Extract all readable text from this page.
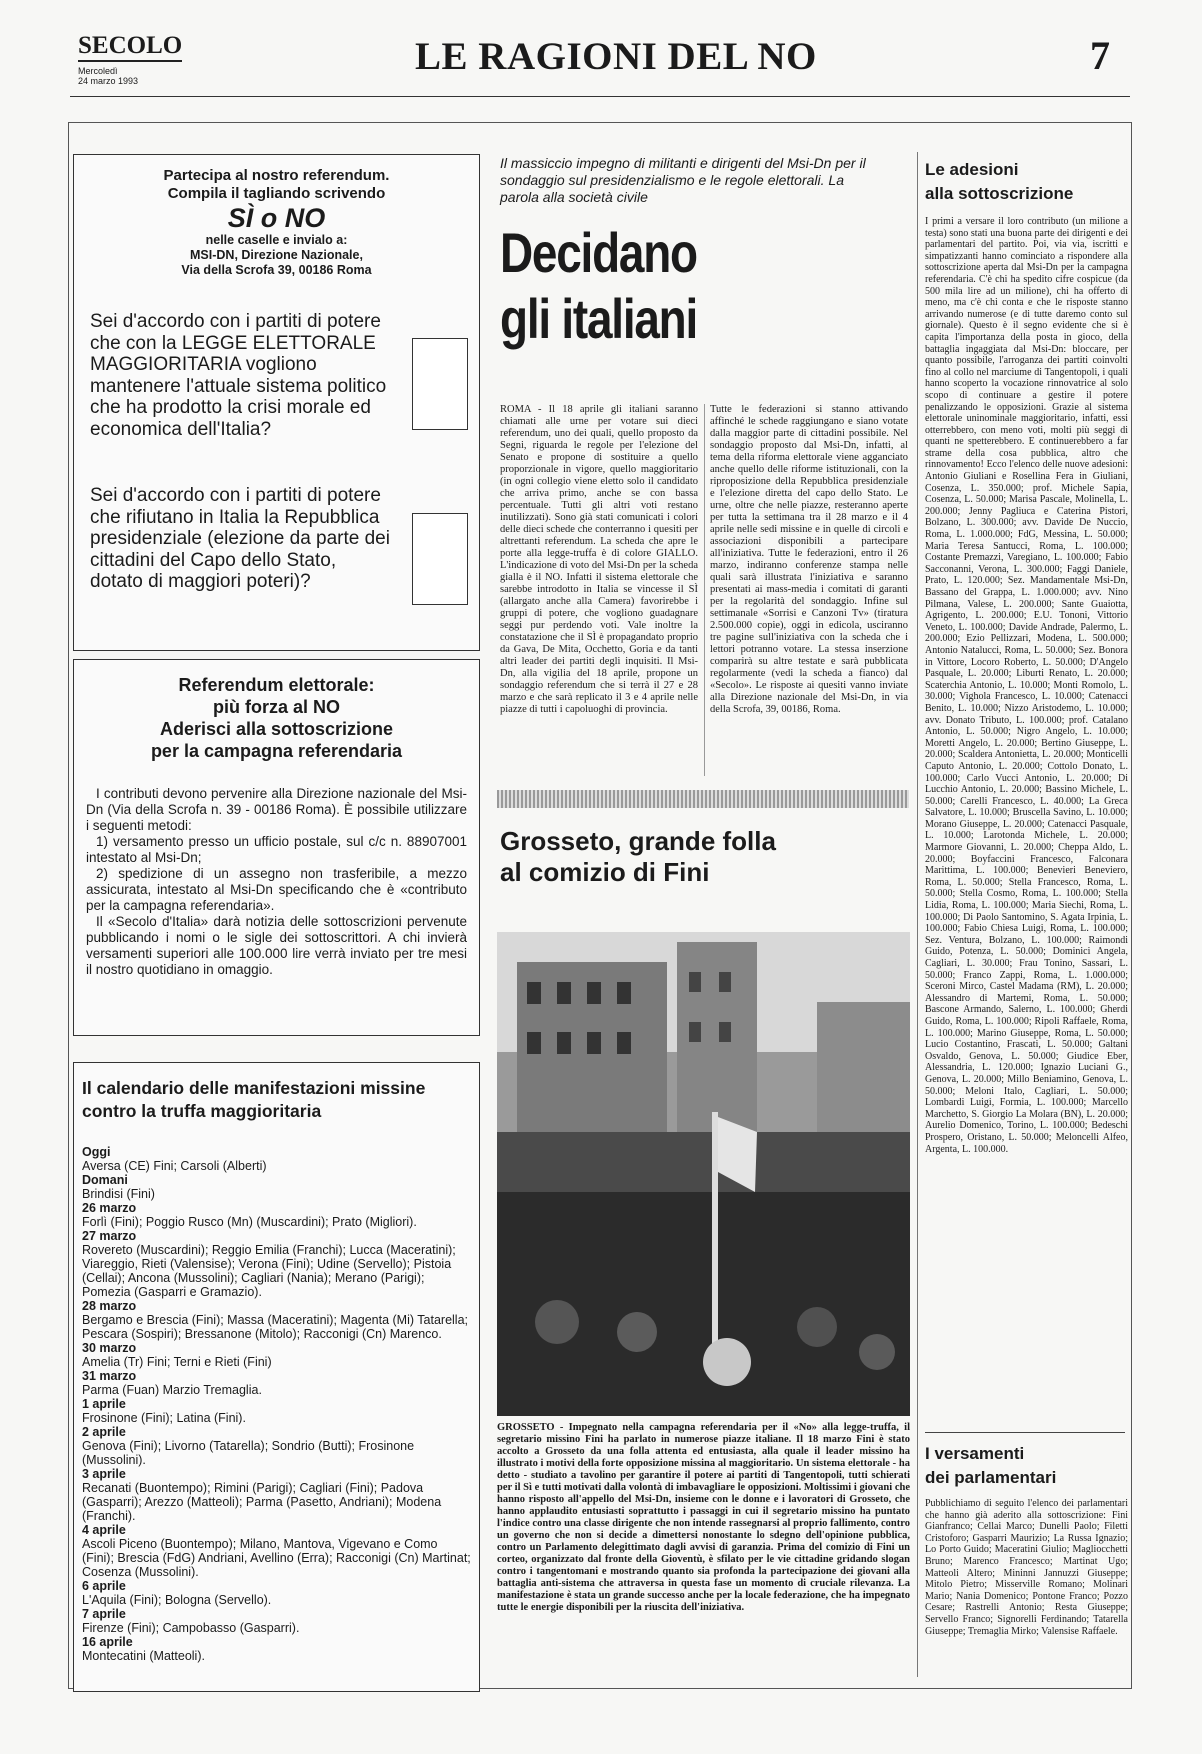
SECOLO
Mercoledì
24 marzo 1993
LE RAGIONI DEL NO	7
Partecipa al nostro referendum.
Compila il tagliando scrivendo
SÌ o NO
nelle caselle e invialo a:
MSI-DN, Direzione Nazionale,
Via della Scrofa 39, 00186 Roma
Sei d'accordo con i partiti di potere che con la LEGGE ELETTORALE MAGGIORITARIA vogliono mantenere l'attuale sistema politico che ha prodotto la crisi morale ed economica dell'Italia?
Sei d'accordo con i partiti di potere che rifiutano in Italia la Repubblica presidenziale (elezione da parte dei cittadini del Capo dello Stato, dotato di maggiori poteri)?
Referendum elettorale:
più forza al NO
Aderisci alla sottoscrizione
per la campagna referendaria

I contributi devono pervenire alla Direzione nazionale del Msi-Dn (Via della Scrofa n. 39 - 00186 Roma). È possibile utilizzare i seguenti metodi:

1) versamento presso un ufficio postale, sul c/c n. 88907001 intestato al Msi-Dn;

2) spedizione di un assegno non trasferibile, a mezzo assicurata, intestato al Msi-Dn specificando che è «contributo per la campagna referendaria».

Il «Secolo d'Italia» darà notizia delle sottoscrizioni pervenute pubblicando i nomi o le sigle dei sottoscrittori. A chi invierà versamenti superiori alle 100.000 lire verrà inviato per tre mesi il nostro quotidiano in omaggio.

Il calendario delle manifestazioni missine
contro la truffa maggioritaria
Oggi
Aversa (CE) Fini; Carsoli (Alberti)
Domani
Brindisi (Fini)
26 marzo
Forlì (Fini); Poggio Rusco (Mn) (Muscardini); Prato (Migliori).
27 marzo
Rovereto (Muscardini); Reggio Emilia (Franchi); Lucca (Maceratini); Viareggio, Rieti (Valensise); Verona (Fini); Udine (Servello); Pistoia (Cellai); Ancona (Mussolini); Cagliari (Nania); Merano (Parigi); Pomezia (Gasparri e Gramazio).
28 marzo
Bergamo e Brescia (Fini); Massa (Maceratini); Magenta (Mi) Tatarella; Pescara (Sospiri); Bressanone (Mitolo); Racconigi (Cn) Marenco.
30 marzo
Amelia (Tr) Fini; Terni e Rieti (Fini)
31 marzo
Parma (Fuan) Marzio Tremaglia.
1 aprile
Frosinone (Fini); Latina (Fini).
2 aprile
Genova (Fini); Livorno (Tatarella); Sondrio (Butti); Frosinone (Mussolini).
3 aprile
Recanati (Buontempo); Rimini (Parigi); Cagliari (Fini); Padova (Gasparri); Arezzo (Matteoli); Parma (Pasetto, Andriani); Modena (Franchi).
4 aprile
Ascoli Piceno (Buontempo); Milano, Mantova, Vigevano e Como (Fini); Brescia (FdG) Andriani, Avellino (Erra); Racconigi (Cn) Martinat; Cosenza (Mussolini).
6 aprile
L'Aquila (Fini); Bologna (Servello).
7 aprile
Firenze (Fini); Campobasso (Gasparri).
16 aprile
Montecatini (Matteoli).
Il massiccio impegno di militanti e dirigenti del Msi-Dn per il sondaggio sul presidenzialismo e le regole elettorali. La parola alla società civile
Decidano
gli italiani
ROMA - Il 18 aprile gli italiani saranno chiamati alle urne per votare sui dieci referendum, uno dei quali, quello proposto da Segni, riguarda le regole per l'elezione del Senato e propone di sostituire a quello proporzionale in vigore, quello maggioritario (in ogni collegio viene eletto solo il candidato che arriva primo, anche se con bassa percentuale. Tutti gli altri voti restano inutilizzati). Sono già stati comunicati i colori delle dieci schede che conterranno i quesiti per altrettanti referendum. La scheda che apre le porte alla legge-truffa è di colore GIALLO. L'indicazione di voto del Msi-Dn per la scheda gialla è il NO. Infatti il sistema elettorale che sarebbe introdotto in Italia se vincesse il SÌ (allargato anche alla Camera) favorirebbe i gruppi di potere, che vogliono guadagnare seggi pur perdendo voti. Vale inoltre la constatazione che il SÌ è propagandato proprio da Gava, De Mita, Occhetto, Goria e da tanti altri leader dei partiti degli inquisiti. Il Msi-Dn, alla vigilia del 18 aprile, propone un sondaggio referendum che si terrà il 27 e 28 marzo e che sarà replicato il 3 e 4 aprile nelle piazze di tutti i capoluoghi di provincia.
Tutte le federazioni si stanno attivando affinché le schede raggiungano e siano votate dalla maggior parte di cittadini possibile. Nel sondaggio proposto dal Msi-Dn, infatti, al tema della riforma elettorale viene agganciato anche quello delle riforme istituzionali, con la riproposizione della Repubblica presidenziale e l'elezione diretta del capo dello Stato. Le urne, oltre che nelle piazze, resteranno aperte per tutta la settimana tra il 28 marzo e il 4 aprile nelle sedi missine e in quelle di circoli e associazioni disponibili a partecipare all'iniziativa. Tutte le federazioni, entro il 26 marzo, indiranno conferenze stampa nelle quali sarà illustrata l'iniziativa e saranno presentati ai mass-media i comitati di garanti per la regolarità del sondaggio. Infine sul settimanale «Sorrisi e Canzoni Tv» (tiratura 2.500.000 copie), oggi in edicola, usciranno tre pagine sull'iniziativa con la scheda che i lettori potranno votare. La stessa inserzione comparirà su altre testate e sarà pubblicata regolarmente (vedi la scheda a fianco) dal «Secolo». Le risposte ai quesiti vanno inviate alla Direzione nazionale del Msi-Dn, in via della Scrofa, 39, 00186, Roma.
Grosseto, grande folla
al comizio di Fini
GROSSETO - Impegnato nella campagna referendaria per il «No» alla legge-truffa, il segretario missino Fini ha parlato in numerose piazze italiane. Il 18 marzo Fini è stato accolto a Grosseto da una folla attenta ed entusiasta, alla quale il leader missino ha illustrato i motivi della forte opposizione missina al maggioritario. Un sistema elettorale - ha detto - studiato a tavolino per garantire il potere ai partiti di Tangentopoli, tutti schierati per il Sì e tutti motivati dalla volontà di imbavagliare le opposizioni. Moltissimi i giovani che hanno risposto all'appello del Msi-Dn, insieme con le donne e i lavoratori di Grosseto, che hanno applaudito entusiasti soprattutto i passaggi in cui il segretario missino ha puntato l'indice contro una classe dirigente che non intende rassegnarsi al proprio fallimento, contro un governo che non si decide a dimettersi nonostante lo sdegno dell'opinione pubblica, contro un Parlamento delegittimato dagli avvisi di garanzia. Prima del comizio di Fini un corteo, organizzato dal fronte della Gioventù, è sfilato per le vie cittadine gridando slogan contro i tangentomani e mostrando quanto sia profonda la partecipazione dei giovani alla battaglia anti-sistema che attraversa in questa fase un momento di cruciale rilevanza. La manifestazione è stata un grande successo anche per la locale federazione, che ha impegnato tutte le energie disponibili per la riuscita dell'iniziativa.
Le adesioni
alla sottoscrizione
I primi a versare il loro contributo (un milione a testa) sono stati una buona parte dei dirigenti e dei parlamentari del partito. Poi, via via, iscritti e simpatizzanti hanno cominciato a rispondere alla sottoscrizione aperta dal Msi-Dn per la campagna referendaria. C'è chi ha spedito cifre cospicue (da 500 mila lire ad un milione), chi ha offerto di meno, ma c'è chi conta e che le risposte stanno arrivando numerose (e di tutte daremo conto sul giornale). Questo è il segno evidente che si è capita l'importanza della posta in gioco, della battaglia ingaggiata dal Msi-Dn: bloccare, per quanto possibile, l'arroganza dei partiti coinvolti fino al collo nel marciume di Tangentopoli, i quali hanno scoperto la vocazione rinnovatrice al solo scopo di continuare a gestire il potere penalizzando le opposizioni. Grazie al sistema elettorale uninominale maggioritario, infatti, essi otterrebbero, con meno voti, molti più seggi di quanti ne spetterebbero. E continuerebbero a far strame della cosa pubblica, altro che rinnovamento! Ecco l'elenco delle nuove adesioni: Antonio Giuliani e Rosellina Fera in Giuliani, Cosenza, L. 350.000; prof. Michele Sapia, Cosenza, L. 50.000; Marisa Pascale, Molinella, L. 200.000; Jenny Pagliuca e Caterina Pistori, Bolzano, L. 300.000; avv. Davide De Nuccio, Roma, L. 1.000.000; FdG, Messina, L. 50.000; Maria Teresa Santucci, Roma, L. 100.000; Costante Premazzi, Varegiano, L. 100.000; Fabio Sacconanni, Verona, L. 300.000; Faggi Daniele, Prato, L. 120.000; Sez. Mandamentale Msi-Dn, Bassano del Grappa, L. 1.000.000; avv. Nino Pilmana, Valese, L. 200.000; Sante Guaiotta, Agrigento, L. 200.000; E.U. Tononi, Vittorio Veneto, L. 100.000; Davide Andrade, Palermo, L. 200.000; Ezio Pellizzari, Modena, L. 500.000; Antonio Natalucci, Roma, L. 50.000; Sez. Bonora in Vittore, Locoro Roberto, L. 50.000; D'Angelo Pasquale, L. 20.000; Liburti Renato, L. 20.000; Scaterchia Antonio, L. 10.000; Monti Romolo, L. 30.000; Vighola Francesco, L. 10.000; Catenacci Benito, L. 10.000; Nizzo Aristodemo, L. 10.000; avv. Donato Tributo, L. 100.000; prof. Catalano Antonio, L. 50.000; Nigro Angelo, L. 10.000; Moretti Angelo, L. 20.000; Bertino Giuseppe, L. 20.000; Scaldera Antonietta, L. 20.000; Monticelli Caputo Antonio, L. 20.000; Cottolo Donato, L. 100.000; Carlo Vucci Antonio, L. 20.000; Di Lucchio Antonio, L. 20.000; Bassino Michele, L. 50.000; Carelli Francesco, L. 40.000; La Greca Salvatore, L. 10.000; Bruscella Savino, L. 10.000; Morano Giuseppe, L. 20.000; Catenacci Pasquale, L. 10.000; Larotonda Michele, L. 20.000; Marmore Giovanni, L. 20.000; Cheppa Aldo, L. 20.000; Boyfaccini Francesco, Falconara Marittima, L. 100.000; Benevieri Beneviero, Roma, L. 50.000; Stella Francesco, Roma, L. 50.000; Stella Cosmo, Roma, L. 100.000; Stella Lidia, Roma, L. 100.000; Maria Siechi, Roma, L. 100.000; Di Paolo Santomino, S. Agata Irpinia, L. 100.000; Fabio Chiesa Luigi, Roma, L. 100.000; Sez. Ventura, Bolzano, L. 100.000; Raimondi Guido, Potenza, L. 50.000; Dominici Angela, Cagliari, L. 30.000; Frau Tonino, Sassari, L. 50.000; Franco Zappi, Roma, L. 1.000.000; Sceroni Mirco, Castel Madama (RM), L. 20.000; Alessandro di Martemi, Roma, L. 50.000; Bascone Armando, Salerno, L. 100.000; Gherdi Guido, Roma, L. 100.000; Ripoli Raffaele, Roma, L. 100.000; Marino Giuseppe, Roma, L. 50.000; Lucio Costantino, Frascati, L. 50.000; Galtani Osvaldo, Genova, L. 50.000; Giudice Eber, Alessandria, L. 120.000; Ignazio Luciani G., Genova, L. 20.000; Millo Beniamino, Genova, L. 50.000; Meloni Italo, Cagliari, L. 50.000; Lombardi Luigi, Formia, L. 100.000; Marcello Marchetto, S. Giorgio La Molara (BN), L. 20.000; Aurelio Domenico, Torino, L. 100.000; Bedeschi Prospero, Oristano, L. 50.000; Meloncelli Alfeo, Argenta, L. 100.000.
I versamenti
dei parlamentari
Pubblichiamo di seguito l'elenco dei parlamentari che hanno già aderito alla sottoscrizione: Fini Gianfranco; Cellai Marco; Dunelli Paolo; Filetti Cristoforo; Gasparri Maurizio; La Russa Ignazio; Lo Porto Guido; Maceratini Giulio; Magliocchetti Bruno; Marenco Francesco; Martinat Ugo; Matteoli Altero; Mininni Jannuzzi Giuseppe; Mitolo Pietro; Misserville Romano; Molinari Mario; Nania Domenico; Pontone Franco; Pozzo Cesare; Rastrelli Antonio; Resta Giuseppe; Servello Franco; Signorelli Ferdinando; Tatarella Giuseppe; Tremaglia Mirko; Valensise Raffaele.
